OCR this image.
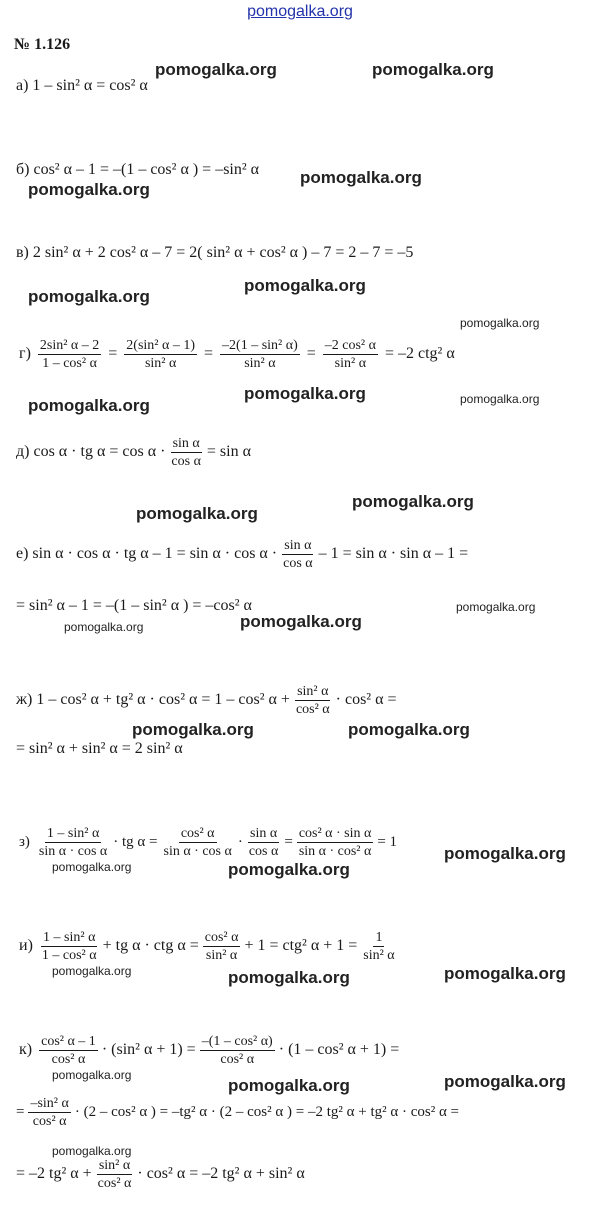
pomogalka.org
№ 1.126
pomogalka.org	pomogalka.org
pomogalka.org
pomogalka.org
pomogalka.org
pomogalka.org
pomogalka.org
pomogalka.org	pomogalka.org
pomogalka.org
pomogalka.org
pomogalka.org
pomogalka.org
pomogalka.org
pomogalka.org
pomogalka.org	pomogalka.org
pomogalka.org
pomogalka.org	pomogalka.org
pomogalka.org
pomogalka.org	pomogalka.org
pomogalka.org	pomogalka.org
pomogalka.org
pomogalka.org
а) 1 – sin² α = cos² α
б) cos² α – 1 = –(1 – cos² α ) = –sin² α
в) 2 sin² α + 2 cos² α – 7 = 2( sin² α + cos² α ) – 7 = 2 – 7 = –5
$г) \frac{\text{2sin² α – 2}}{\text{1 – cos² α}} = \frac{\text{2(sin² α – 1)}}{\text{sin² α}} = \frac{\text{–2(1 – sin² α)}}{\text{sin² α}} = \frac{\text{–2 cos² α}}{\text{sin² α}} = -2$ ctg² α
д) cos α · tg $\alpha = \cos \alpha \cdot \frac{\text{sin α}}{\text{cos α}} = \sin \alpha$
е) sin α · cos α · tg $\alpha - 1 = \sin \alpha \cdot \cos \alpha \cdot \frac{\text{sin α}}{\text{cos α}} - 1 = \sin \alpha \cdot \sin \alpha - 1$ =
= sin² α – 1 = –(1 – sin² α ) = –cos² α
ж) 1 – cos² α + tg² α · cos² α = 1 – cos² $\alpha + \frac{\text{sin² α}}{\text{cos² α}} \cdot \cos^2$ α =
= sin² α + sin² α = 2 sin² α
$з) \frac{\text{1 – sin² α}}{\text{sin α · cos α}}$ · tg $\alpha = \frac{\text{cos² α}}{\text{sin α · cos α}} \cdot \frac{\text{sin α}}{\text{cos α}} = \frac{\text{cos² α · sin α}}{\text{sin α · cos² α}} = 1$
$и) \frac{\text{1 – sin² α}}{\text{1 – cos² α}}$ + tg α · ctg $\alpha = \frac{\text{cos² α}}{\text{sin² α}} + 1 = ctg^2$ $\alpha + 1 = \frac{1}{\text{sin² α}}$
$к) \frac{\text{cos² α – 1}}{\text{cos² α}} \cdot (\sin^2$ $\alpha + 1) = \frac{\text{–(1 – cos² α)}}{\text{cos² α}} \cdot (1 - \cos^2$ α + 1) =
= $\frac{\text{–sin² α}}{\text{cos² α}} \cdot (2 - \cos^2$ α ) = –tg² α · (2 – cos² α ) = –2 tg² α + tg² α · cos² α =
= –2 tg² $\alpha + \frac{\text{sin² α}}{\text{cos² α}} \cdot \cos^2$ α = –2 tg² α + sin² α
